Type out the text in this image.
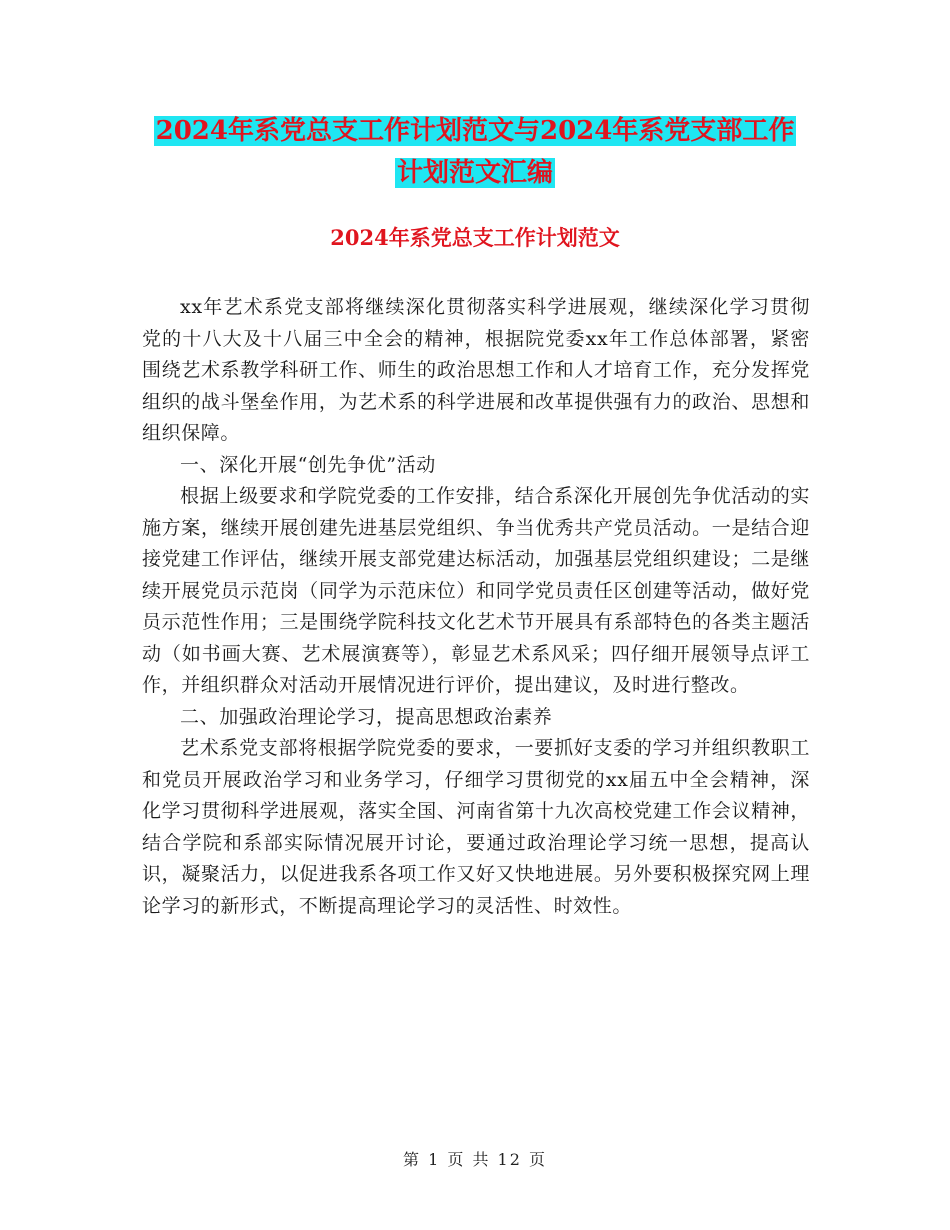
2024年系党总支工作计划范文与2024年系党支部工作
计划范文汇编
2024年系党总支工作计划范文

xx年艺术系党支部将继续深化贯彻落实科学进展观，继续深化学习贯彻党的十八大及十八届三中全会的精神，根据院党委xx年工作总体部署，紧密围绕艺术系教学科研工作、师生的政治思想工作和人才培育工作，充分发挥党组织的战斗堡垒作用，为艺术系的科学进展和改革提供强有力的政治、思想和组织保障。

一、深化开展“创先争优”活动

根据上级要求和学院党委的工作安排，结合系深化开展创先争优活动的实施方案，继续开展创建先进基层党组织、争当优秀共产党员活动。一是结合迎接党建工作评估，继续开展支部党建达标活动，加强基层党组织建设；二是继续开展党员示范岗（同学为示范床位）和同学党员责任区创建等活动，做好党员示范性作用；三是围绕学院科技文化艺术节开展具有系部特色的各类主题活动（如书画大赛、艺术展演赛等），彰显艺术系风采；四仔细开展领导点评工作，并组织群众对活动开展情况进行评价，提出建议，及时进行整改。

二、加强政治理论学习，提高思想政治素养

艺术系党支部将根据学院党委的要求，一要抓好支委的学习并组织教职工和党员开展政治学习和业务学习，仔细学习贯彻党的xx届五中全会精神，深化学习贯彻科学进展观，落实全国、河南省第十九次高校党建工作会议精神，结合学院和系部实际情况展开讨论，要通过政治理论学习统一思想，提高认识，凝聚活力，以促进我系各项工作又好又快地进展。另外要积极探究网上理论学习的新形式，不断提高理论学习的灵活性、时效性。

第 1 页 共 12 页
